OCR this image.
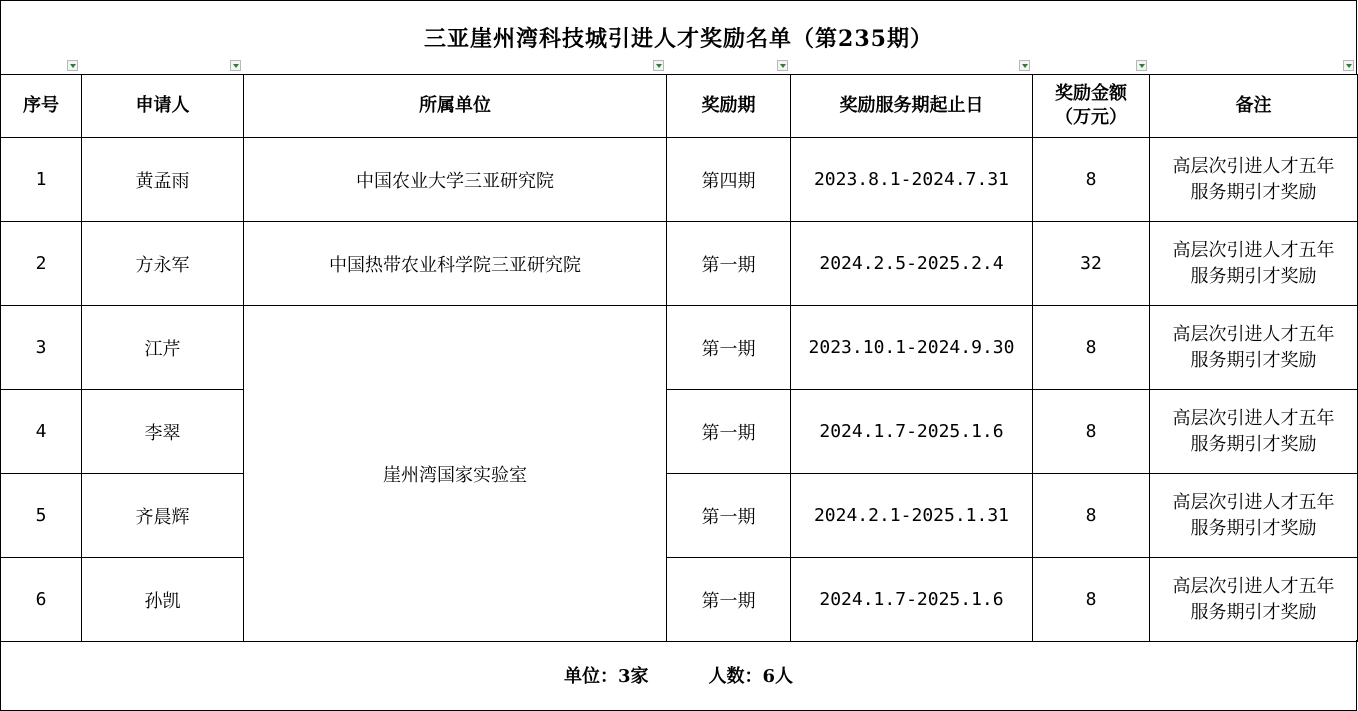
三亚崖州湾科技城引进人才奖励名单（第235期）
序号	申请人	所属单位	奖励期	奖励服务期起止日	奖励金额
（万元）	备注
1	黄孟雨	中国农业大学三亚研究院	第四期	2023.8.1-2024.7.31	8	高层次引进人才五年
服务期引才奖励

2	方永军	中国热带农业科学院三亚研究院	第一期	2024.2.5-2025.2.4	32	高层次引进人才五年
服务期引才奖励

3	江芹	崖州湾国家实验室	第一期	2023.10.1-2024.9.30	8	高层次引进人才五年
服务期引才奖励

4	李翠		第一期	2024.1.7-2025.1.6	8	高层次引进人才五年
服务期引才奖励

5	齐晨辉		第一期	2024.2.1-2025.1.31	8	高层次引进人才五年
服务期引才奖励

6	孙凯		第一期	2024.1.7-2025.1.6	8	高层次引进人才五年
服务期引才奖励
单位：3家	人数：6人
